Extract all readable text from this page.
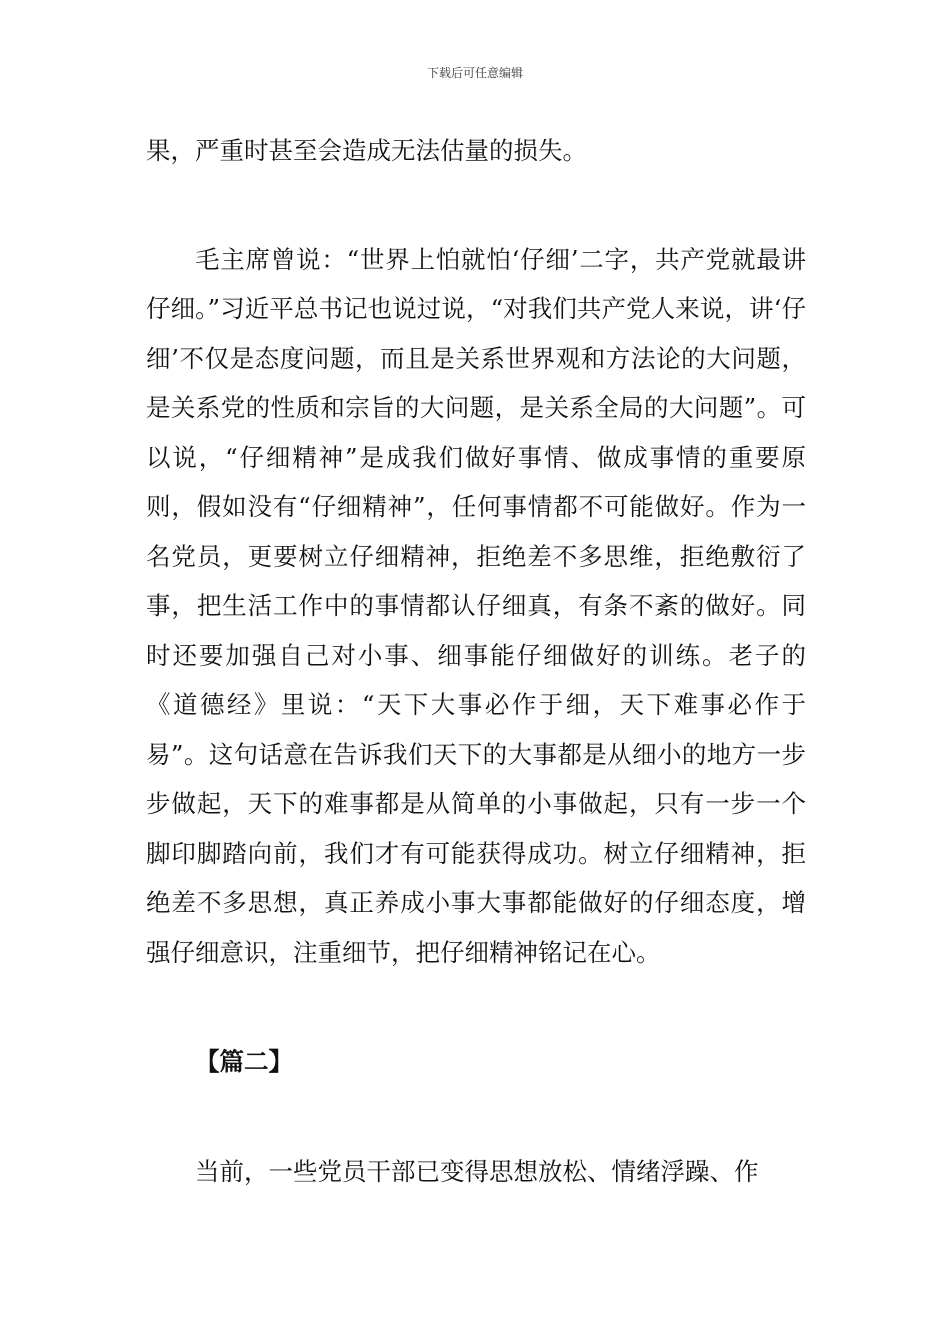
下载后可任意编辑

果，严重时甚至会造成无法估量的损失。

毛主席曾说：“世界上怕就怕‘仔细’二字，共产党就最讲仔细。”习近平总书记也说过说，“对我们共产党人来说，讲‘仔细’不仅是态度问题，而且是关系世界观和方法论的大问题，是关系党的性质和宗旨的大问题，是关系全局的大问题”。可以说，“仔细精神”是成我们做好事情、做成事情的重要原则，假如没有“仔细精神”，任何事情都不可能做好。作为一名党员，更要树立仔细精神，拒绝差不多思维，拒绝敷衍了事，把生活工作中的事情都认仔细真，有条不紊的做好。同时还要加强自己对小事、细事能仔细做好的训练。老子的《道德经》里说：“天下大事必作于细，天下难事必作于易”。这句话意在告诉我们天下的大事都是从细小的地方一步步做起，天下的难事都是从简单的小事做起，只有一步一个脚印脚踏向前，我们才有可能获得成功。树立仔细精神，拒绝差不多思想，真正养成小事大事都能做好的仔细态度，增强仔细意识，注重细节，把仔细精神铭记在心。

【篇二】

当前，一些党员干部已变得思想放松、情绪浮躁、作
